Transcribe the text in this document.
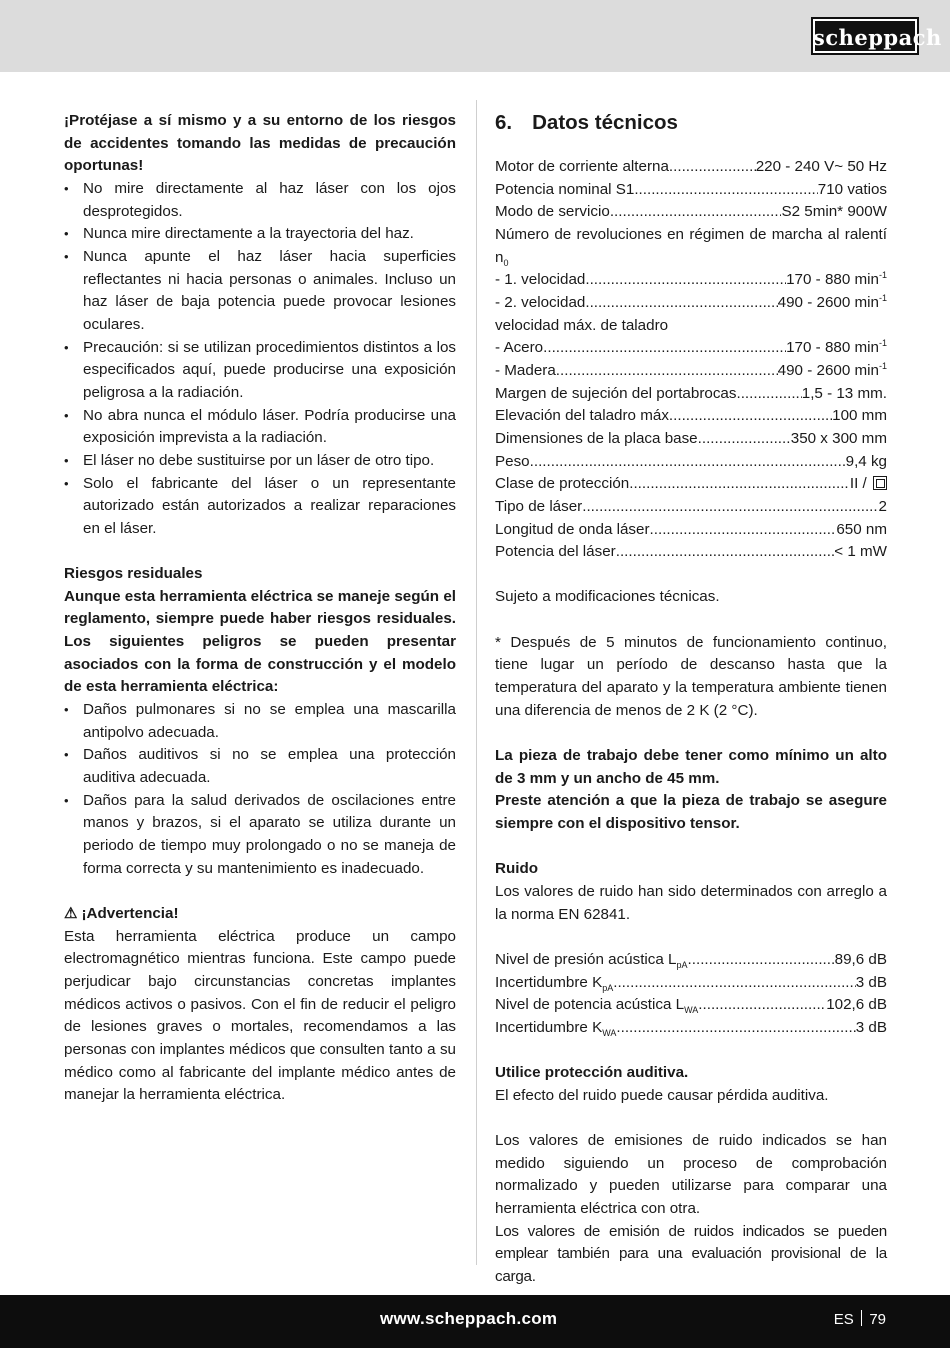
scheppach

¡Protéjase a sí mismo y a su entorno de los riesgos de accidentes tomando las medidas de precaución oportunas!

• No mire directamente al haz láser con los ojos desprotegidos.
• Nunca mire directamente a la trayectoria del haz.
• Nunca apunte el haz láser hacia superficies reflectantes ni hacia personas o animales. Incluso un haz láser de baja potencia puede provocar lesiones oculares.
• Precaución: si se utilizan procedimientos distintos a los especificados aquí, puede producirse una exposición peligrosa a la radiación.
• No abra nunca el módulo láser. Podría producirse una exposición imprevista a la radiación.
• El láser no debe sustituirse por un láser de otro tipo.
• Solo el fabricante del láser o un representante autorizado están autorizados a realizar reparaciones en el láser.

Riesgos residuales

Aunque esta herramienta eléctrica se maneje según el reglamento, siempre puede haber riesgos residuales. Los siguientes peligros se pueden presentar asociados con la forma de construcción y el modelo de esta herramienta eléctrica:

• Daños pulmonares si no se emplea una mascarilla antipolvo adecuada.
• Daños auditivos si no se emplea una protección auditiva adecuada.
• Daños para la salud derivados de oscilaciones entre manos y brazos, si el aparato se utiliza durante un periodo de tiempo muy prolongado o no se maneja de forma correcta y su mantenimiento es inadecuado.

⚠ ¡Advertencia!

Esta herramienta eléctrica produce un campo electromagnético mientras funciona. Este campo puede perjudicar bajo circunstancias concretas implantes médicos activos o pasivos. Con el fin de reducir el peligro de lesiones graves o mortales, recomendamos a las personas con implantes médicos que consulten tanto a su médico como al fabricante del implante médico antes de manejar la herramienta eléctrica.

6. Datos técnicos
Motor de corriente alterna .....	220 - 240 V~ 50 Hz
Potencia nominal S1 .....	710 vatios
Modo de servicio .....	S2 5min* 900W

Número de revoluciones en régimen de marcha al ralentí $n_0$

- 1. velocidad .....	170 - 880 $\min^{-1}$
- 2. velocidad .....	490 - 2600 $\min^{-1}$

velocidad máx. de taladro

- Acero .....	170 - 880 $\min^{-1}$
- Madera .....	490 - 2600 $\min^{-1}$
Margen de sujeción del portabrocas .....	1,5 - 13 mm.
Elevación del taladro máx .....	100 mm
Dimensiones de la placa base .....	350 x 300 mm
Peso .....	9,4 kg
Clase de protección .....	II /
Tipo de láser .....	2
Longitud de onda láser .....	650 nm
Potencia del láser .....	< 1 mW

Sujeto a modificaciones técnicas.

* Después de 5 minutos de funcionamiento continuo, tiene lugar un período de descanso hasta que la temperatura del aparato y la temperatura ambiente tienen una diferencia de menos de 2 K (2 °C).

La pieza de trabajo debe tener como mínimo un alto de 3 mm y un ancho de 45 mm.

Preste atención a que la pieza de trabajo se asegure siempre con el dispositivo tensor.

Ruido

Los valores de ruido han sido determinados con arreglo a la norma EN 62841.

Nivel de presión acústica $L_{pA}$ .....	89,6 dB
Incertidumbre $K_{pA}$ .....	3 dB
Nivel de potencia acústica $L_{WA}$ .....	102,6 dB
Incertidumbre $K_{WA}$ .....	3 dB

Utilice protección auditiva.

El efecto del ruido puede causar pérdida auditiva.

Los valores de emisiones de ruido indicados se han medido siguiendo un proceso de comprobación normalizado y pueden utilizarse para comparar una herramienta eléctrica con otra.

Los valores de emisión de ruidos indicados se pueden emplear también para una evaluación provisional de la carga.

www.scheppach.com	ES 79
